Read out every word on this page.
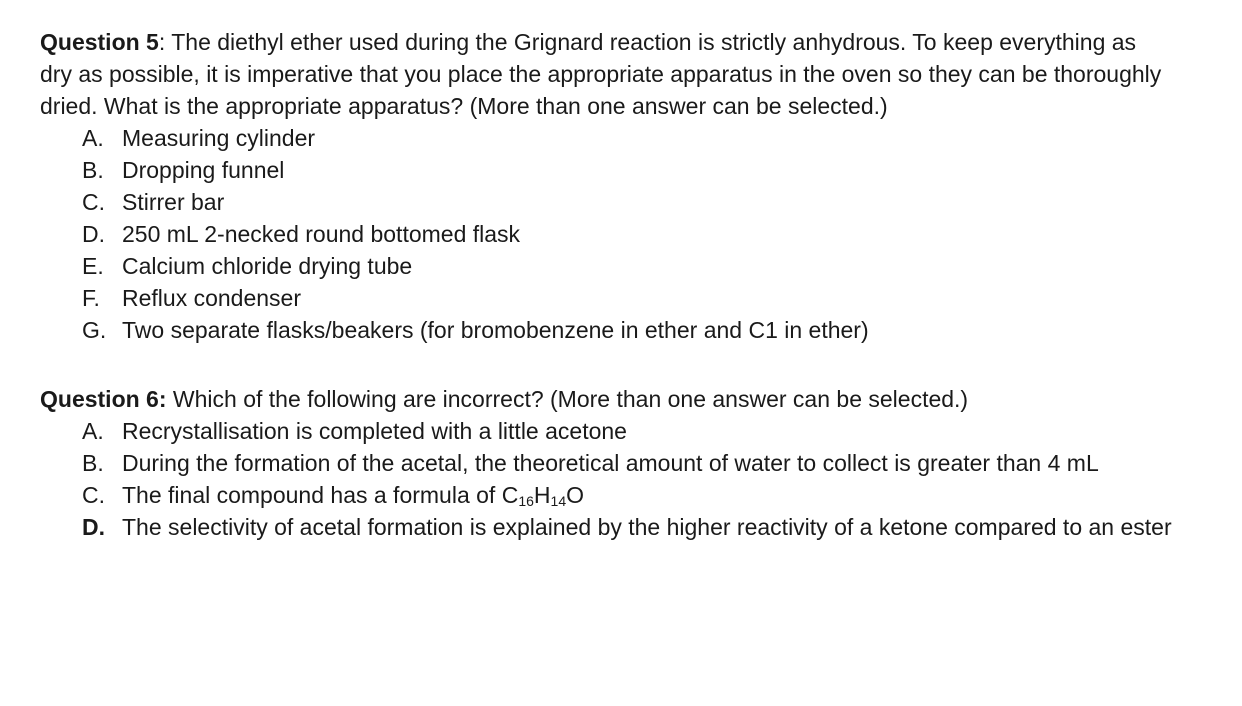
Question 5: The diethyl ether used during the Grignard reaction is strictly anhydrous. To keep everything as dry as possible, it is imperative that you place the appropriate apparatus in the oven so they can be thoroughly dried. What is the appropriate apparatus? (More than one answer can be selected.)

A. Measuring cylinder
B. Dropping funnel
C. Stirrer bar
D. 250 mL 2-necked round bottomed flask
E. Calcium chloride drying tube
F. Reflux condenser
G. Two separate flasks/beakers (for bromobenzene in ether and C1 in ether)

Question 6: Which of the following are incorrect? (More than one answer can be selected.)

A. Recrystallisation is completed with a little acetone
B. During the formation of the acetal, the theoretical amount of water to collect is greater than 4 mL
C. The final compound has a formula of $C_{16}H_{14}O$
D. The selectivity of acetal formation is explained by the higher reactivity of a ketone compared to an ester
